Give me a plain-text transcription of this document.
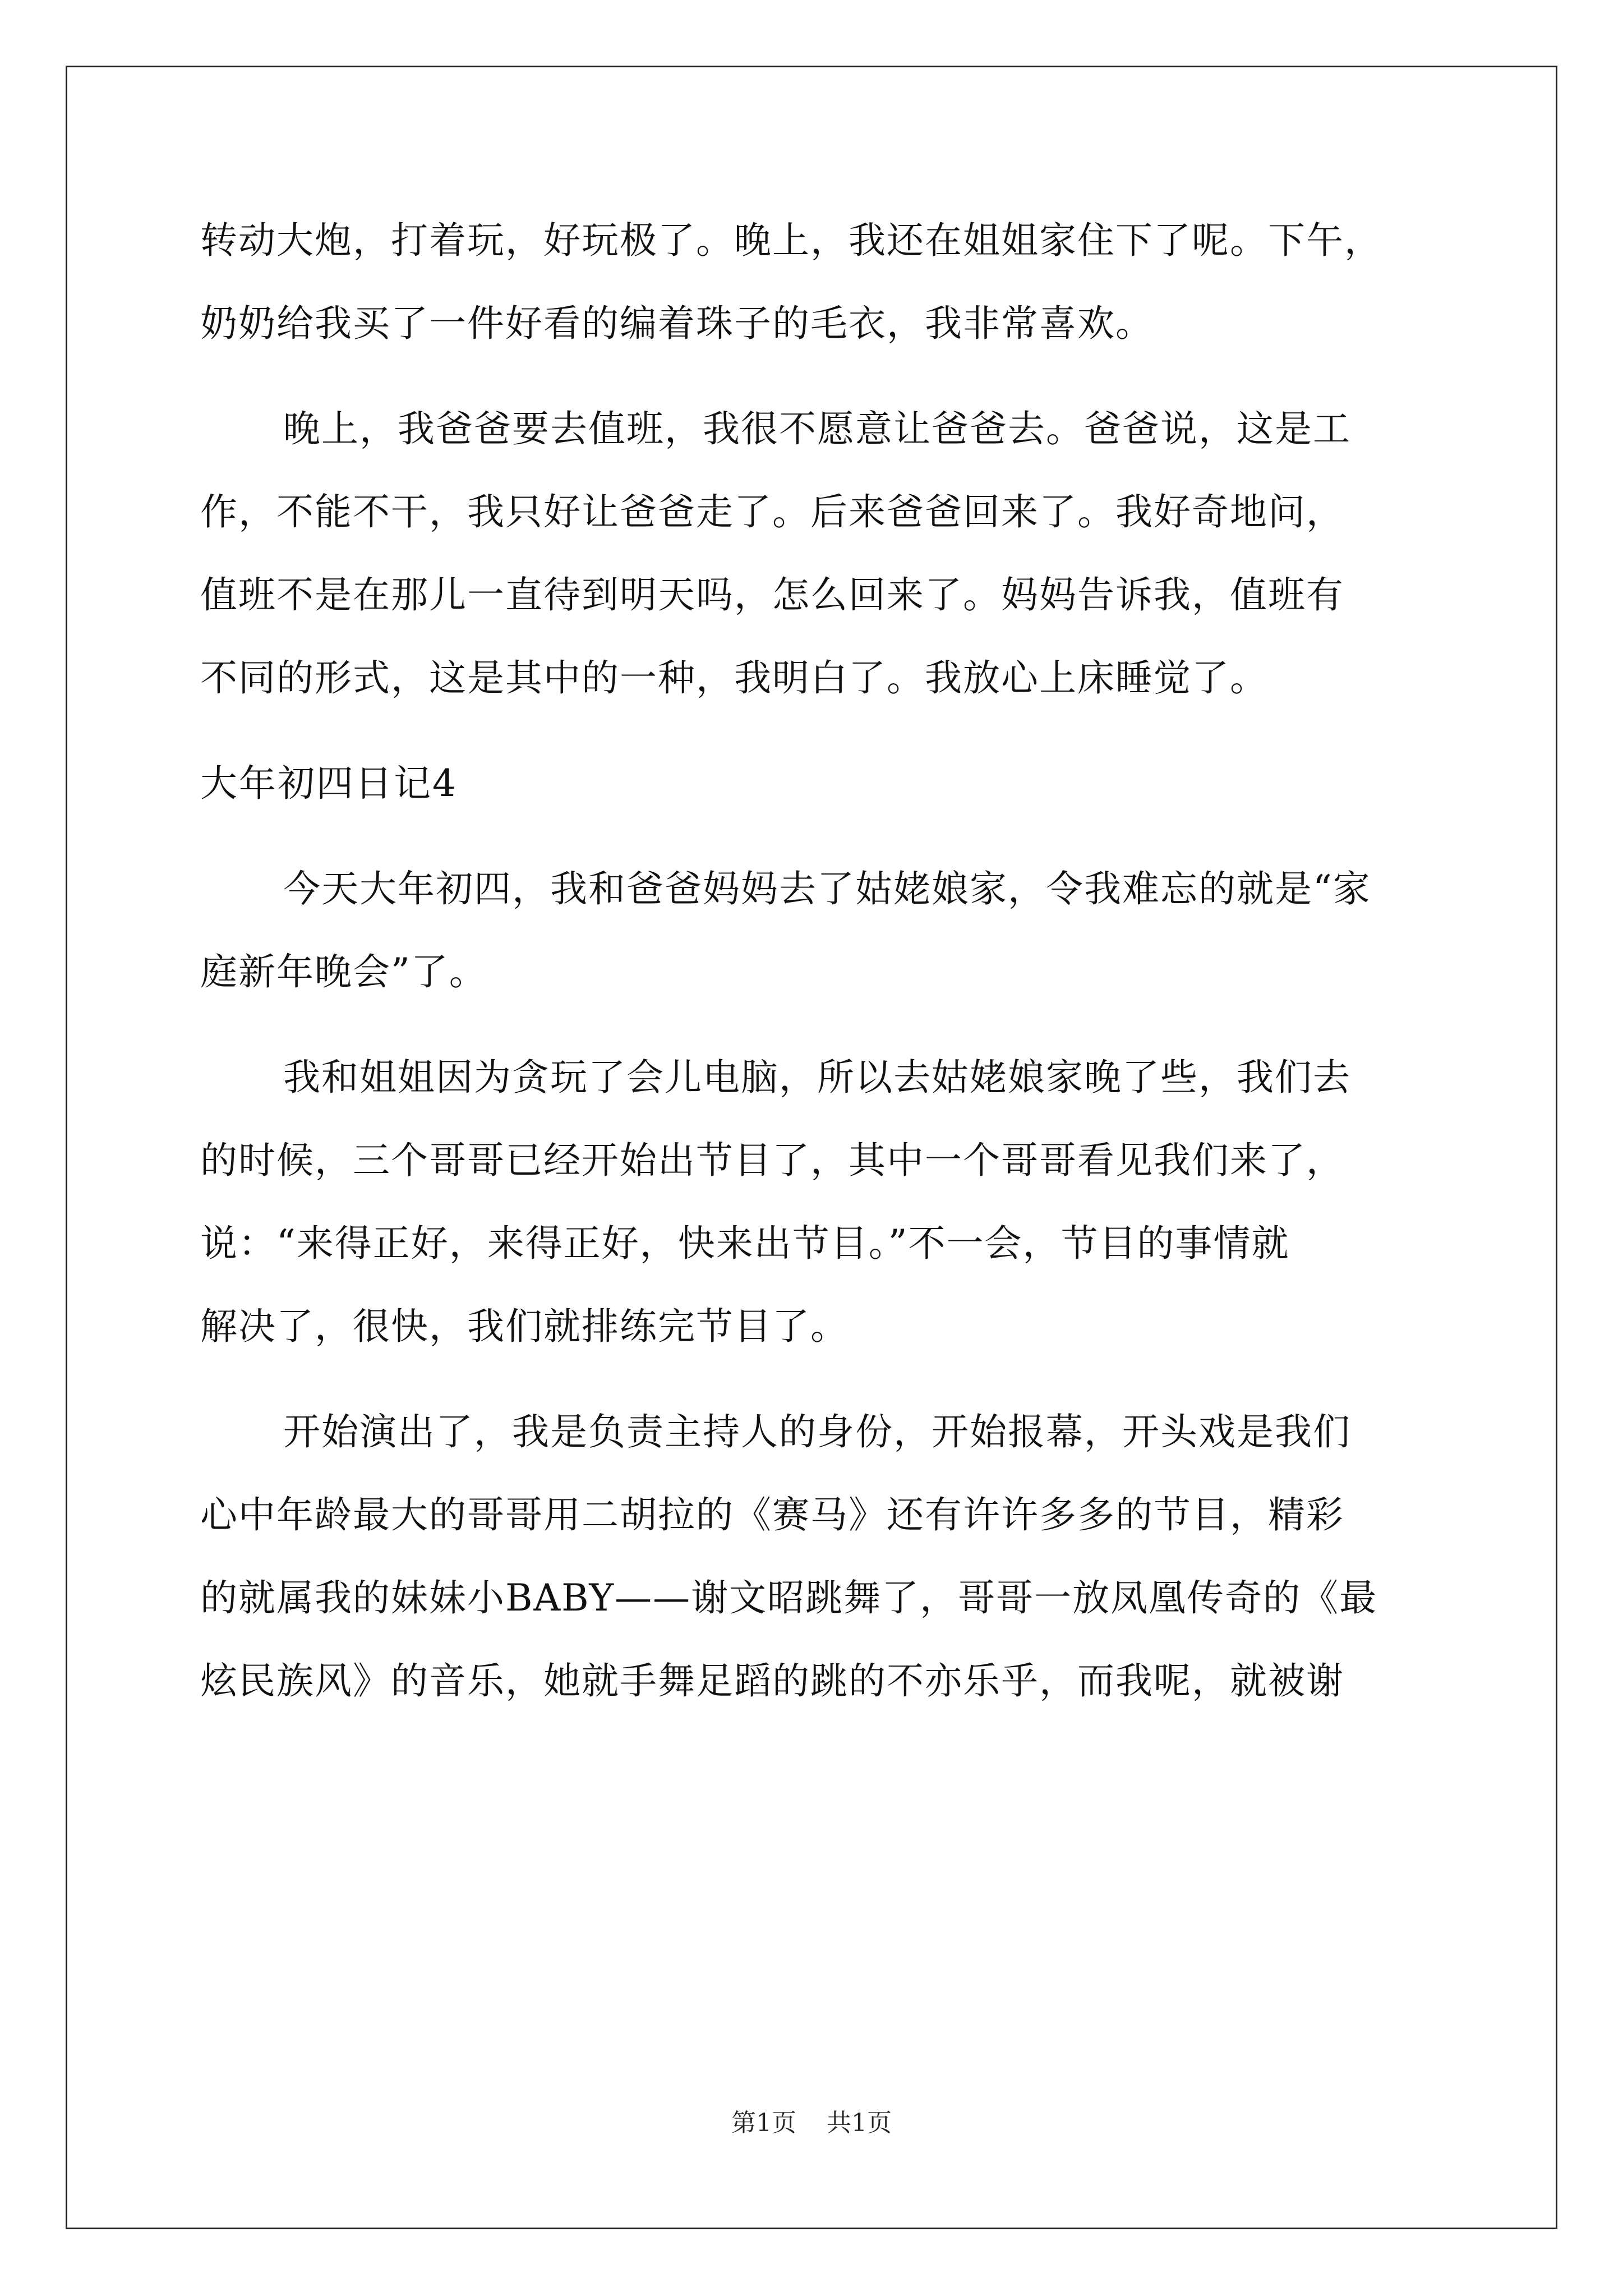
转动大炮，打着玩，好玩极了。晚上，我还在姐姐家住下了呢。下午，
奶奶给我买了一件好看的编着珠子的毛衣，我非常喜欢。
晚上，我爸爸要去值班，我很不愿意让爸爸去。爸爸说，这是工
作，不能不干，我只好让爸爸走了。后来爸爸回来了。我好奇地问，
值班不是在那儿一直待到明天吗，怎么回来了。妈妈告诉我，值班有
不同的形式，这是其中的一种，我明白了。我放心上床睡觉了。
大年初四日记4
今天大年初四，我和爸爸妈妈去了姑姥娘家，令我难忘的就是“家
庭新年晚会”了。
我和姐姐因为贪玩了会儿电脑，所以去姑姥娘家晚了些，我们去
的时候，三个哥哥已经开始出节目了，其中一个哥哥看见我们来了，
说：“来得正好，来得正好，快来出节目。”不一会，节目的事情就
解决了，很快，我们就排练完节目了。
开始演出了，我是负责主持人的身份，开始报幕，开头戏是我们
心中年龄最大的哥哥用二胡拉的《赛马》还有许许多多的节目，精彩
的就属我的妹妹小BABY——谢文昭跳舞了，哥哥一放凤凰传奇的《最
炫民族风》的音乐，她就手舞足蹈的跳的不亦乐乎，而我呢，就被谢
第1页 共1页
